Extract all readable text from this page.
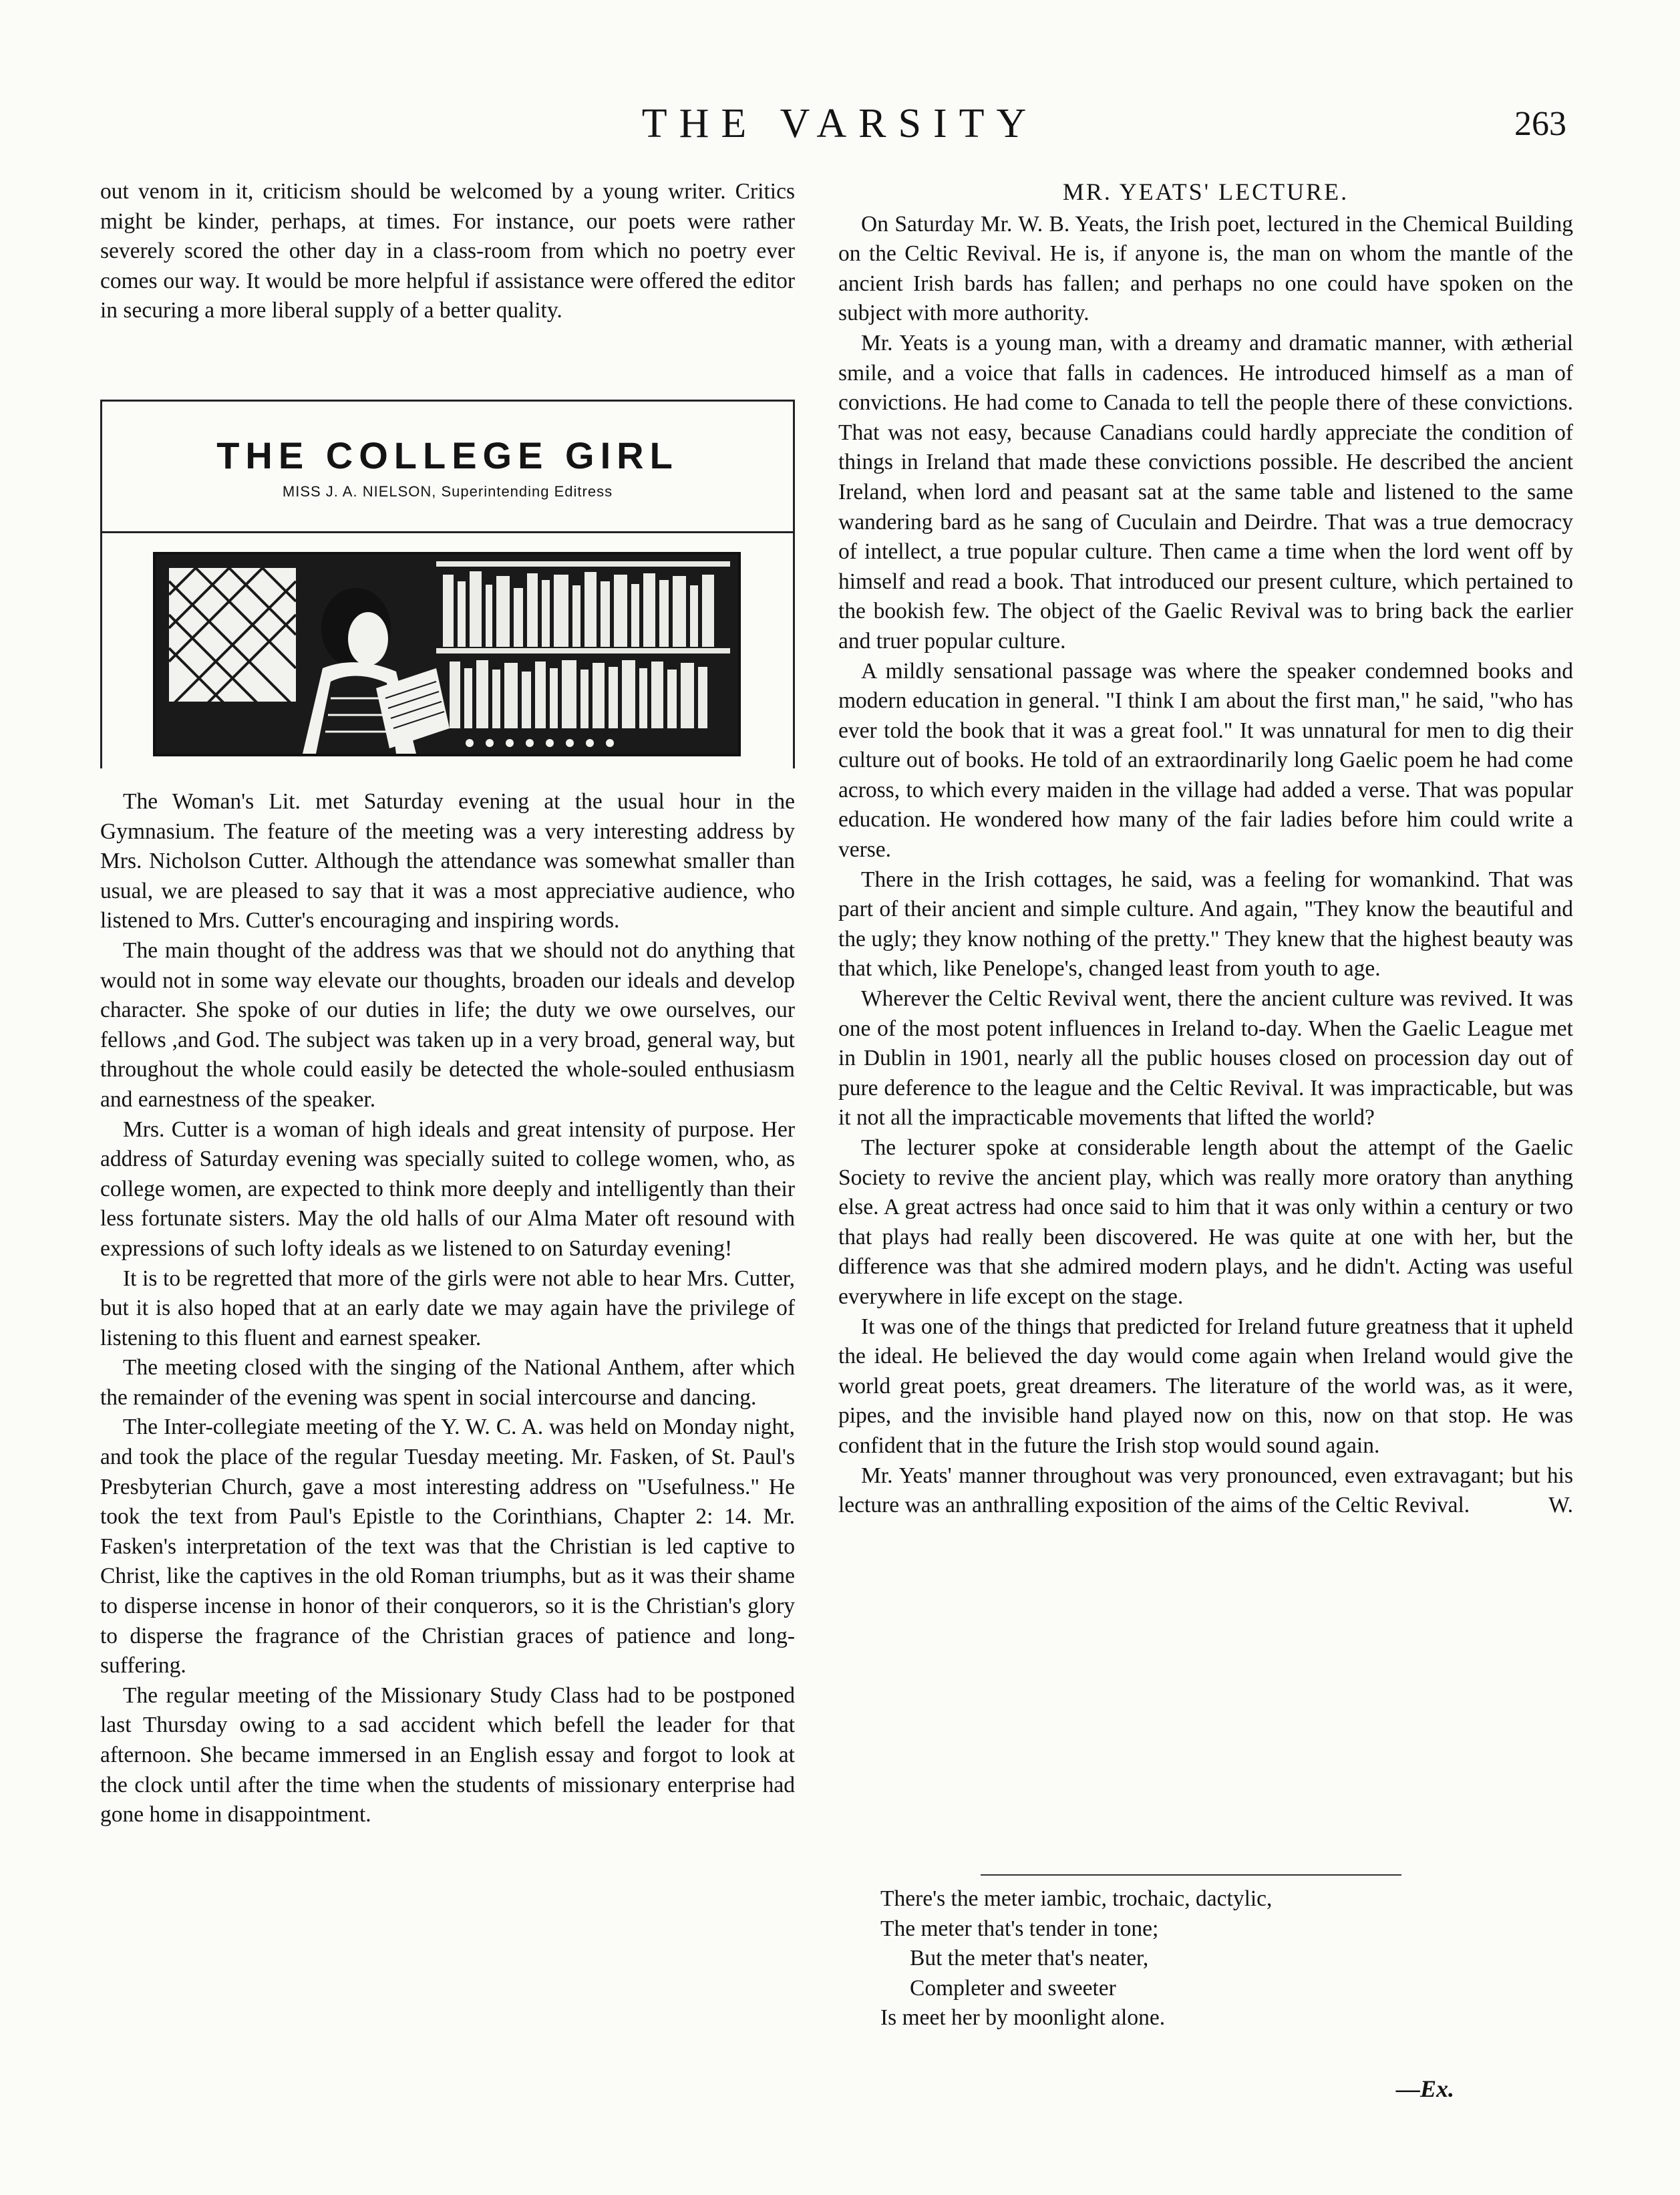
THE VARSITY	263

out venom in it, criticism should be welcomed by a young writer. Critics might be kinder, perhaps, at times. For instance, our poets were rather severely scored the other day in a class-room from which no poetry ever comes our way. It would be more helpful if assistance were offered the editor in securing a more liberal supply of a better quality.

THE COLLEGE GIRL
MISS J. A. NIELSON, Superintending Editress

The Woman's Lit. met Saturday evening at the usual hour in the Gymnasium. The feature of the meeting was a very interesting address by Mrs. Nicholson Cutter. Although the attendance was somewhat smaller than usual, we are pleased to say that it was a most appreciative audience, who listened to Mrs. Cutter's encouraging and inspiring words.

The main thought of the address was that we should not do anything that would not in some way elevate our thoughts, broaden our ideals and develop character. She spoke of our duties in life; the duty we owe ourselves, our fellows ,and God. The subject was taken up in a very broad, general way, but throughout the whole could easily be detected the whole-souled enthusiasm and earnestness of the speaker.

Mrs. Cutter is a woman of high ideals and great intensity of purpose. Her address of Saturday evening was specially suited to college women, who, as college women, are expected to think more deeply and intelligently than their less fortunate sisters. May the old halls of our Alma Mater oft resound with expressions of such lofty ideals as we listened to on Saturday evening!

It is to be regretted that more of the girls were not able to hear Mrs. Cutter, but it is also hoped that at an early date we may again have the privilege of listening to this fluent and earnest speaker.

The meeting closed with the singing of the National Anthem, after which the remainder of the evening was spent in social intercourse and dancing.

The Inter-collegiate meeting of the Y. W. C. A. was held on Monday night, and took the place of the regular Tuesday meeting. Mr. Fasken, of St. Paul's Presbyterian Church, gave a most interesting address on "Usefulness." He took the text from Paul's Epistle to the Corinthians, Chapter 2: 14. Mr. Fasken's interpretation of the text was that the Christian is led captive to Christ, like the captives in the old Roman triumphs, but as it was their shame to disperse incense in honor of their conquerors, so it is the Christian's glory to disperse the fragrance of the Christian graces of patience and long-suffering.

The regular meeting of the Missionary Study Class had to be postponed last Thursday owing to a sad accident which befell the leader for that afternoon. She became immersed in an English essay and forgot to look at the clock until after the time when the students of missionary enterprise had gone home in disappointment.

MR. YEATS' LECTURE.

On Saturday Mr. W. B. Yeats, the Irish poet, lectured in the Chemical Building on the Celtic Revival. He is, if anyone is, the man on whom the mantle of the ancient Irish bards has fallen; and perhaps no one could have spoken on the subject with more authority.

Mr. Yeats is a young man, with a dreamy and dramatic manner, with ætherial smile, and a voice that falls in cadences. He introduced himself as a man of convictions. He had come to Canada to tell the people there of these convictions. That was not easy, because Canadians could hardly appreciate the condition of things in Ireland that made these convictions possible. He described the ancient Ireland, when lord and peasant sat at the same table and listened to the same wandering bard as he sang of Cuculain and Deirdre. That was a true democracy of intellect, a true popular culture. Then came a time when the lord went off by himself and read a book. That introduced our present culture, which pertained to the bookish few. The object of the Gaelic Revival was to bring back the earlier and truer popular culture.

A mildly sensational passage was where the speaker condemned books and modern education in general. "I think I am about the first man," he said, "who has ever told the book that it was a great fool." It was unnatural for men to dig their culture out of books. He told of an extraordinarily long Gaelic poem he had come across, to which every maiden in the village had added a verse. That was popular education. He wondered how many of the fair ladies before him could write a verse.

There in the Irish cottages, he said, was a feeling for womankind. That was part of their ancient and simple culture. And again, "They know the beautiful and the ugly; they know nothing of the pretty." They knew that the highest beauty was that which, like Penelope's, changed least from youth to age.

Wherever the Celtic Revival went, there the ancient culture was revived. It was one of the most potent influences in Ireland to-day. When the Gaelic League met in Dublin in 1901, nearly all the public houses closed on procession day out of pure deference to the league and the Celtic Revival. It was impracticable, but was it not all the impracticable movements that lifted the world?

The lecturer spoke at considerable length about the attempt of the Gaelic Society to revive the ancient play, which was really more oratory than anything else. A great actress had once said to him that it was only within a century or two that plays had really been discovered. He was quite at one with her, but the difference was that she admired modern plays, and he didn't. Acting was useful everywhere in life except on the stage.

It was one of the things that predicted for Ireland future greatness that it upheld the ideal. He believed the day would come again when Ireland would give the world great poets, great dreamers. The literature of the world was, as it were, pipes, and the invisible hand played now on this, now on that stop. He was confident that in the future the Irish stop would sound again.

Mr. Yeats' manner throughout was very pronounced, even extravagant; but his lecture was an anthralling exposition of the aims of the Celtic Revival.	W.

There's the meter iambic, trochaic, dactylic,
The meter that's tender in tone;
But the meter that's neater,
Completer and sweeter
Is meet her by moonlight alone.
—Ex.
